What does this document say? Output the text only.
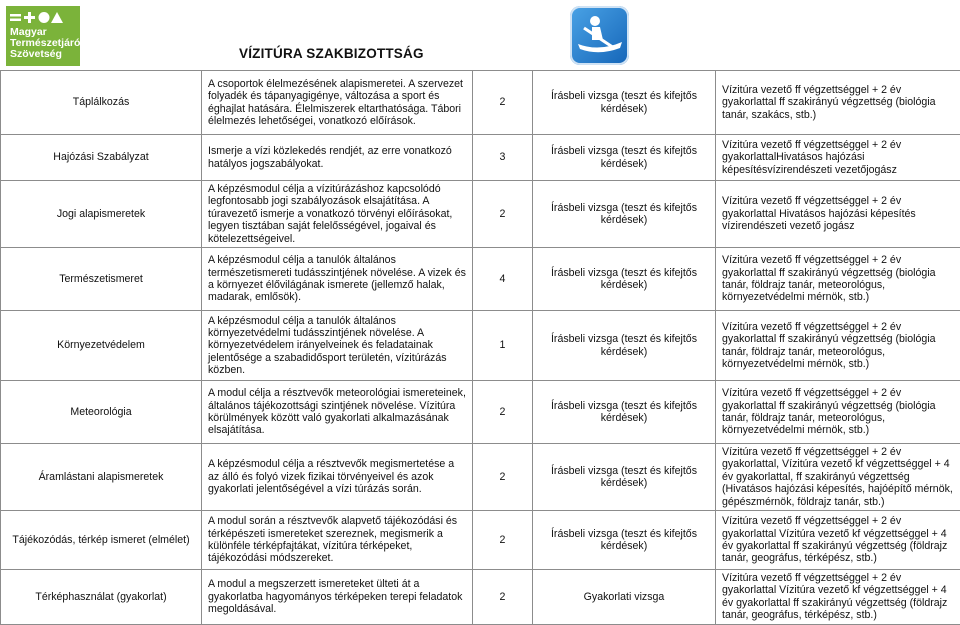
Magyar
Természetjáró
Szövetség	VÍZITÚRA SZAKBIZOTTSÁG
Táplálkozás	A csoportok élelmezésének alapismeretei. A szervezet folyadék és tápanyagigénye, változása a sport és éghajlat hatására. Élelmiszerek eltarthatósága. Tábori élelmezés lehetőségei, vonatkozó előírások.	2	Írásbeli vizsga (teszt és kifejtős kérdések)	Vízitúra vezető ff végzettséggel + 2 év gyakorlattal ff szakirányú végzettség (biológia tanár, szakács, stb.)
Hajózási Szabályzat	Ismerje a vízi közlekedés rendjét, az erre vonatkozó hatályos jogszabályokat.	3	Írásbeli vizsga (teszt és kifejtős kérdések)	Vízitúra vezető ff végzettséggel + 2 év gyakorlattalHivatásos hajózási képesítésvízirendészeti vezetőjogász
Jogi alapismeretek	A képzésmodul célja a vízitúrázáshoz kapcsolódó legfontosabb jogi szabályozások elsajátítása. A túravezető ismerje a vonatkozó törvényi előírásokat, legyen tisztában saját felelősségével, jogaival és kötelezettségeivel.	2	Írásbeli vizsga (teszt és kifejtős kérdések)	Vízitúra vezető ff végzettséggel + 2 év gyakorlattal Hivatásos hajózási képesítés vízirendészeti vezető jogász
Természetismeret	A képzésmodul célja a tanulók általános természetismereti tudásszintjének növelése. A vizek és a környezet élővilágának ismerete (jellemző halak, madarak, emlősök).	4	Írásbeli vizsga (teszt és kifejtős kérdések)	Vízitúra vezető ff végzettséggel + 2 év gyakorlattal ff szakirányú végzettség (biológia tanár, földrajz tanár, meteorológus, környezetvédelmi mérnök, stb.)
Környezetvédelem	A képzésmodul célja a tanulók általános környezetvédelmi tudásszintjének növelése. A környezetvédelem irányelveinek és feladatainak jelentősége a szabadidősport területén, vízitúrázás közben.	1	Írásbeli vizsga (teszt és kifejtős kérdések)	Vízitúra vezető ff végzettséggel + 2 év gyakorlattal ff szakirányú végzettség (biológia tanár, földrajz tanár, meteorológus, környezetvédelmi mérnök, stb.)
Meteorológia	A modul célja a résztvevők meteorológiai ismereteinek, általános tájékozottsági szintjének növelése. Vízitúra körülmények között való gyakorlati alkalmazásának elsajátítása.	2	Írásbeli vizsga (teszt és kifejtős kérdések)	Vízitúra vezető ff végzettséggel + 2 év gyakorlattal ff szakirányú végzettség (biológia tanár, földrajz tanár, meteorológus, környezetvédelmi mérnök, stb.)
Áramlástani alapismeretek	A képzésmodul célja a résztvevők megismertetése a az álló és folyó vizek fizikai törvényeivel és azok gyakorlati jelentőségével a vízi túrázás során.	2	Írásbeli vizsga (teszt és kifejtős kérdések)	Vízitúra vezető ff végzettséggel + 2 év gyakorlattal, Vízitúra vezető kf végzettséggel + 4 év gyakorlattal, ff szakirányú végzettség (Hivatásos hajózási képesítés, hajóépítő mérnök, gépészmérnök, földrajz tanár, stb.)
Tájékozódás, térkép ismeret (elmélet)	A modul során a résztvevők alapvető tájékozódási és térképészeti ismereteket szereznek, megismerik a különféle térképfajtákat, vízitúra térképeket, tájékozódási módszereket.	2	Írásbeli vizsga (teszt és kifejtős kérdések)	Vízitúra vezető ff végzettséggel + 2 év gyakorlattal Vízitúra vezető kf végzettséggel + 4 év gyakorlattal ff szakirányú végzettség (földrajz tanár, geográfus, térképész, stb.)
Térképhasználat (gyakorlat)	A modul a megszerzett ismereteket ülteti át a gyakorlatba hagyományos térképeken terepi feladatok megoldásával.	2	Gyakorlati vizsga	Vízitúra vezető ff végzettséggel + 2 év gyakorlattal Vízitúra vezető kf végzettséggel + 4 év gyakorlattal ff szakirányú végzettség (földrajz tanár, geográfus, térképész, stb.)
